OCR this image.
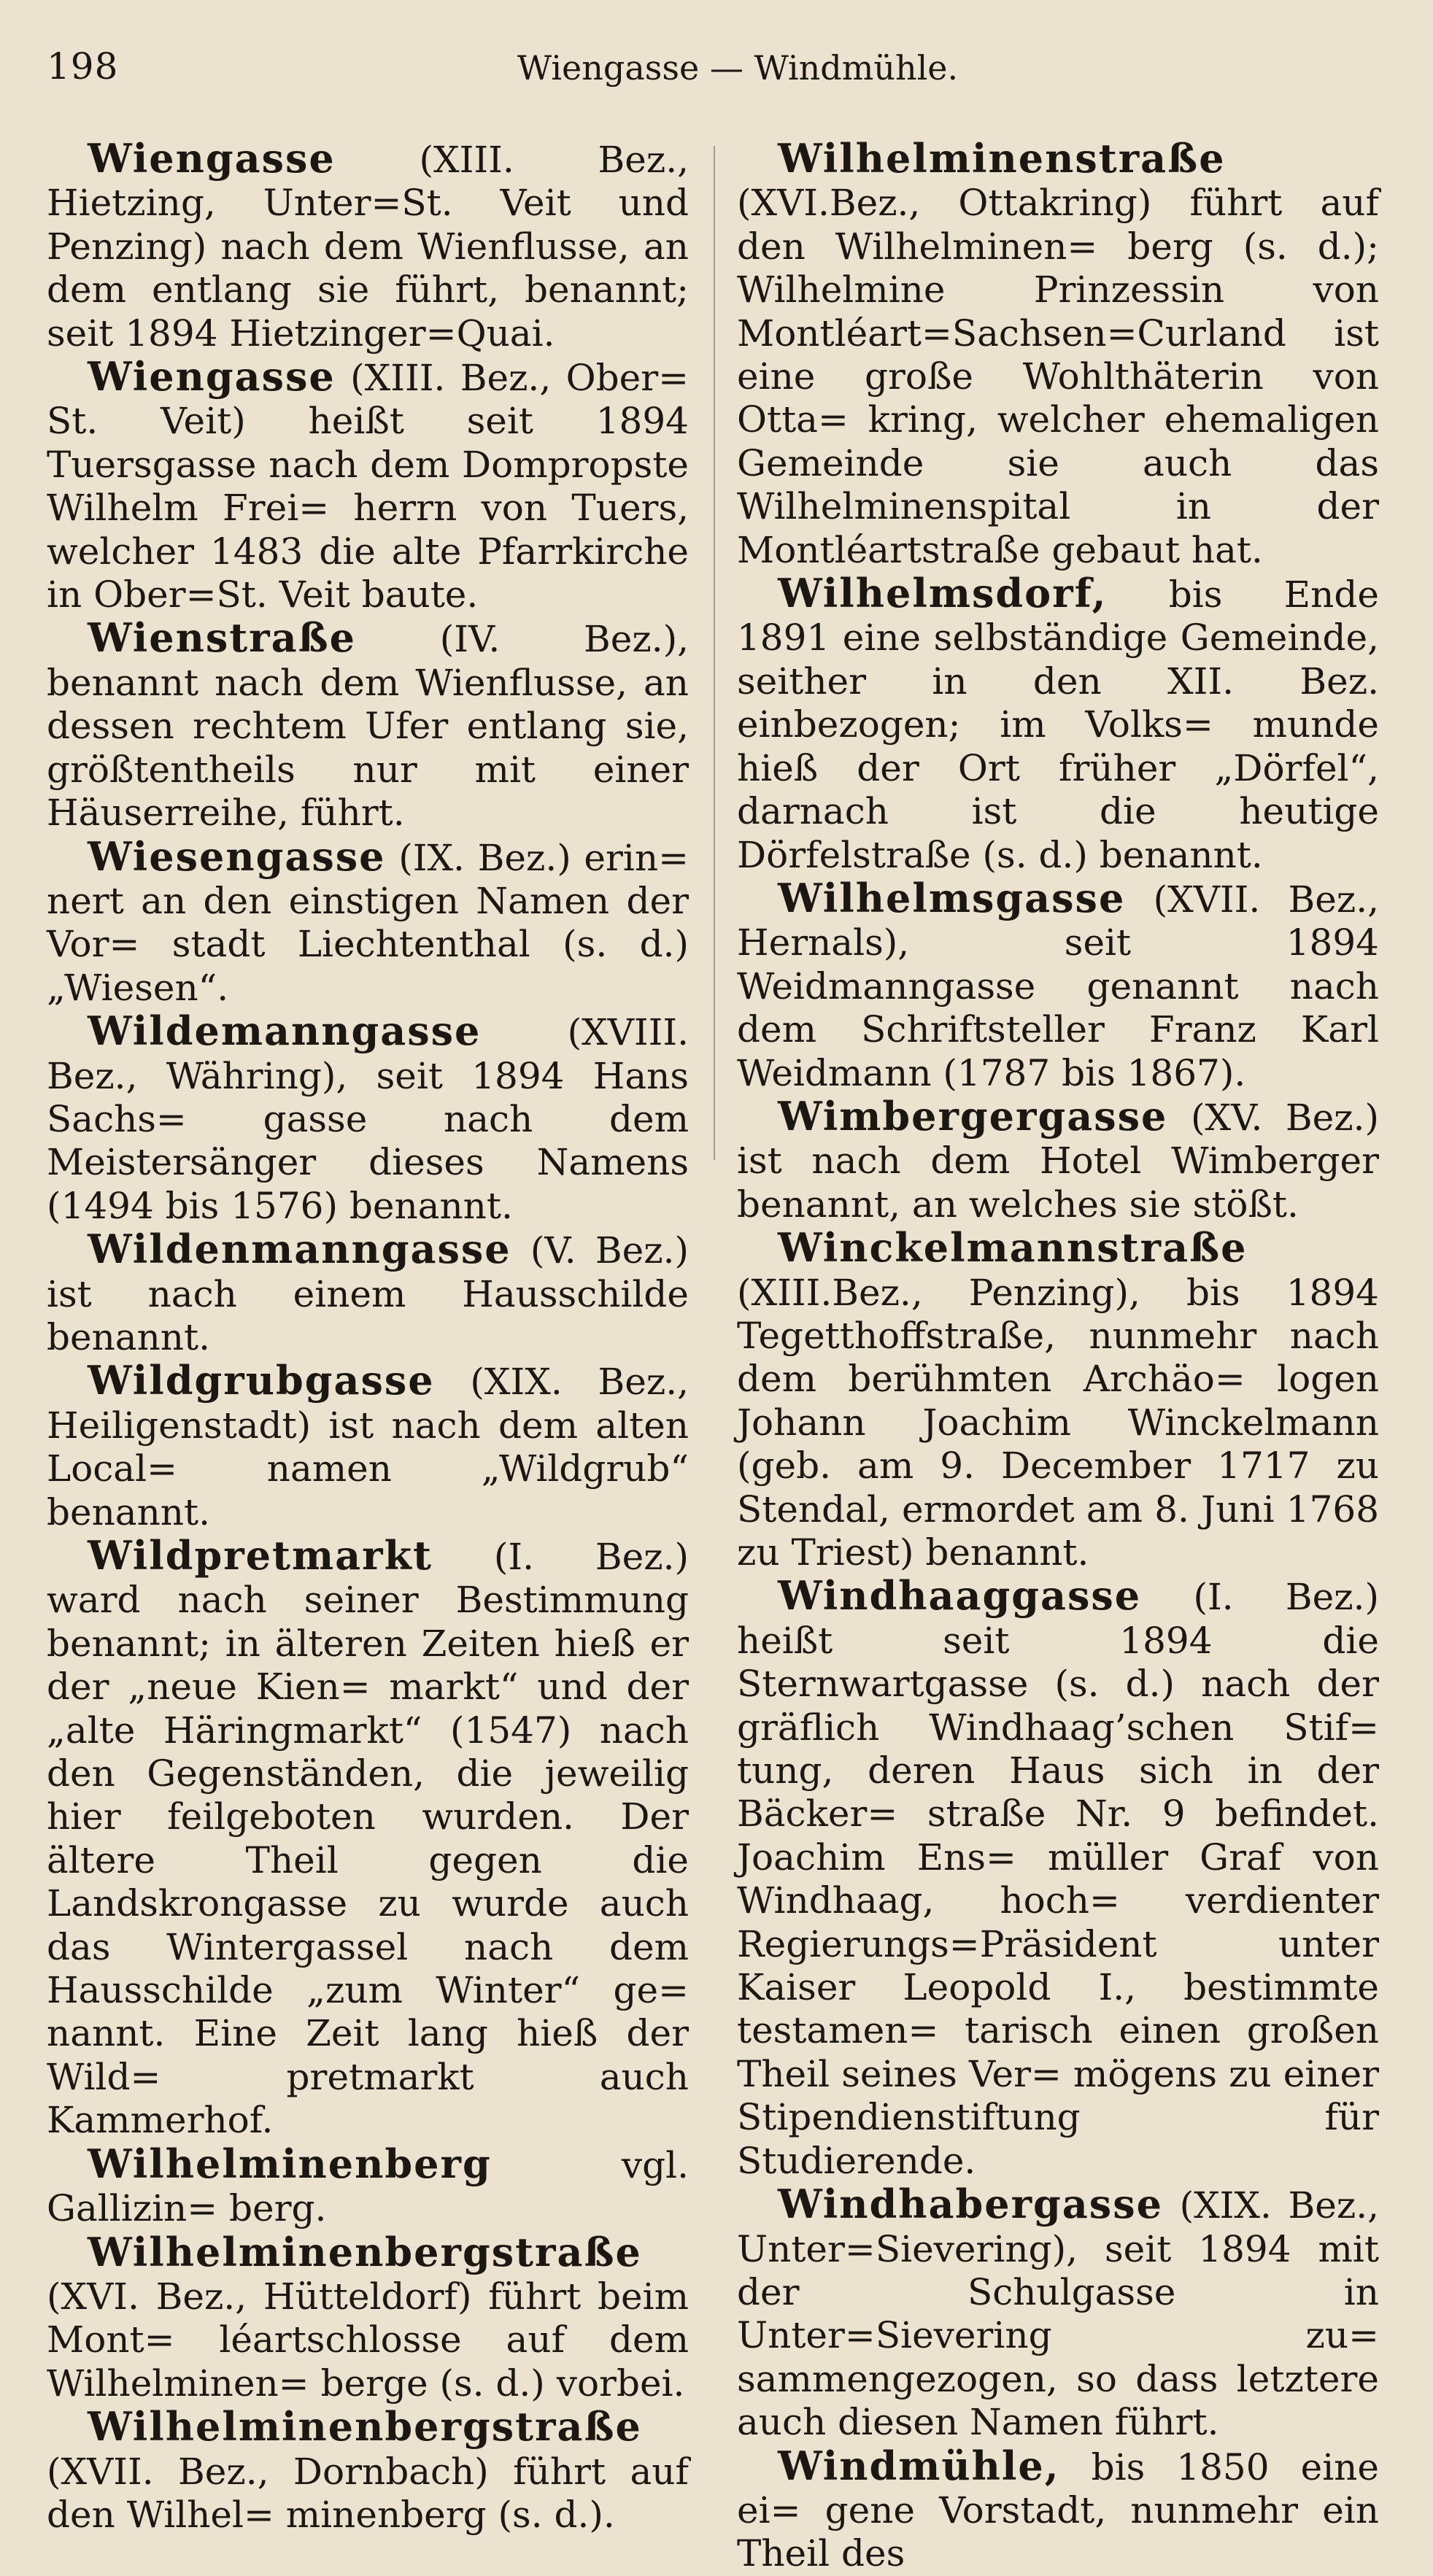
198	Wiengasse — Windmühle.

Wiengasse (XIII. Bez., Hietzing, Unter=St. Veit und Penzing) nach dem Wienflusse, an dem entlang sie führt, benannt; seit 1894 Hietzinger=Quai.

Wiengasse (XIII. Bez., Ober= St. Veit) heißt seit 1894 Tuersgasse nach dem Dompropste Wilhelm Frei= herrn von Tuers, welcher 1483 die alte Pfarrkirche in Ober=St. Veit baute.

Wienstraße (IV. Bez.), benannt nach dem Wienflusse, an dessen rechtem Ufer entlang sie, größtentheils nur mit einer Häuserreihe, führt.

Wiesengasse (IX. Bez.) erin= nert an den einstigen Namen der Vor= stadt Liechtenthal (s. d.) „Wiesen“.

Wildemanngasse (XVIII. Bez., Währing), seit 1894 Hans Sachs= gasse nach dem Meistersänger dieses Namens (1494 bis 1576) benannt.

Wildenmanngasse (V. Bez.) ist nach einem Hausschilde benannt.

Wildgrubgasse (XIX. Bez., Heiligenstadt) ist nach dem alten Local= namen „Wildgrub“ benannt.

Wildpretmarkt (I. Bez.) ward nach seiner Bestimmung benannt; in älteren Zeiten hieß er der „neue Kien= markt“ und der „alte Häringmarkt“ (1547) nach den Gegenständen, die jeweilig hier feilgeboten wurden. Der ältere Theil gegen die Landskrongasse zu wurde auch das Wintergassel nach dem Hausschilde „zum Winter“ ge= nannt. Eine Zeit lang hieß der Wild= pretmarkt auch Kammerhof.

Wilhelminenberg	vgl. Gallizin= berg.

Wilhelminenbergstraße (XVI. Bez., Hütteldorf) führt beim Mont= léartschlosse auf dem Wilhelminen= berge (s. d.) vorbei.

Wilhelminenbergstraße (XVII. Bez., Dornbach) führt auf den Wilhel= minenberg (s. d.).

Wilhelminenstraße (XVI.Bez., Ottakring) führt auf den Wilhelminen= berg (s. d.); Wilhelmine Prinzessin von Montléart=Sachsen=Curland ist eine große Wohlthäterin von Otta= kring, welcher ehemaligen Gemeinde sie auch das Wilhelminenspital in der Montléartstraße gebaut hat.

Wilhelmsdorf, bis Ende 1891 eine selbständige Gemeinde, seither in den XII. Bez. einbezogen; im Volks= munde hieß der Ort früher „Dörfel“, darnach ist die heutige Dörfelstraße (s. d.) benannt.

Wilhelmsgasse (XVII. Bez., Hernals), seit 1894 Weidmanngasse genannt nach dem Schriftsteller Franz Karl Weidmann (1787 bis 1867).

Wimbergergasse (XV. Bez.) ist nach dem Hotel Wimberger benannt, an welches sie stößt.

Winckelmannstraße (XIII.Bez., Penzing), bis 1894 Tegetthoffstraße, nunmehr nach dem berühmten Archäo= logen Johann Joachim Winckelmann (geb. am 9. December 1717 zu Stendal, ermordet am 8. Juni 1768 zu Triest) benannt.

Windhaaggasse (I. Bez.) heißt seit 1894 die Sternwartgasse (s. d.) nach der gräflich Windhaag’schen Stif= tung, deren Haus sich in der Bäcker= straße Nr. 9 befindet. Joachim Ens= müller Graf von Windhaag, hoch= verdienter Regierungs=Präsident unter Kaiser Leopold I., bestimmte testamen= tarisch einen großen Theil seines Ver= mögens zu einer Stipendienstiftung für Studierende.

Windhabergasse (XIX. Bez., Unter=Sievering), seit 1894 mit der Schulgasse in Unter=Sievering zu= sammengezogen, so dass letztere auch diesen Namen führt.

Windmühle, bis 1850 eine ei= gene Vorstadt, nunmehr ein Theil des
